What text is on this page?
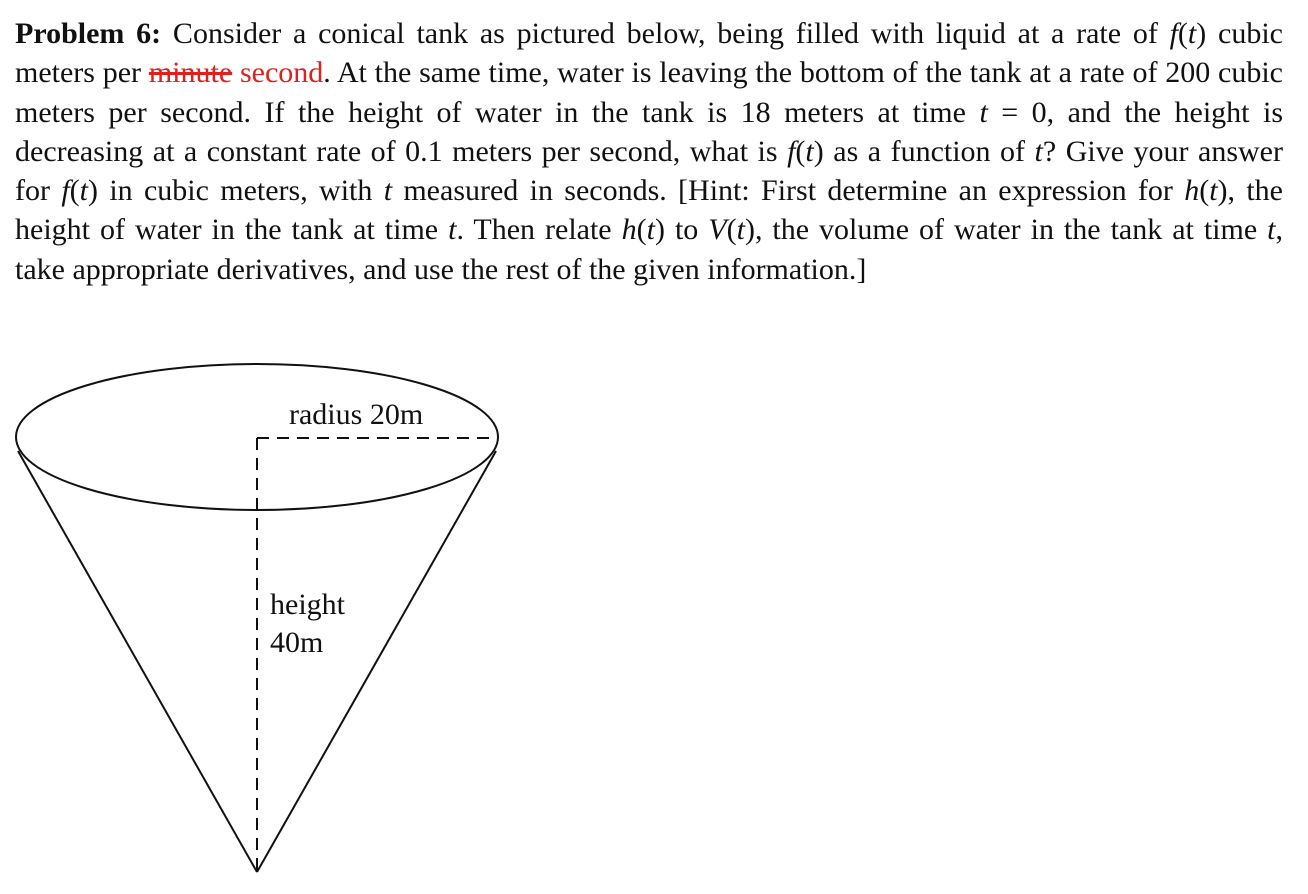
Problem 6: Consider a conical tank as pictured below, being filled with liquid at a rate of f(t) cubic meters per minute second. At the same time, water is leaving the bottom of the tank at a rate of 200 cubic meters per second. If the height of water in the tank is 18 meters at time t = 0, and the height is decreasing at a constant rate of 0.1 meters per second, what is f(t) as a function of t? Give your answer for f(t) in cubic meters, with t measured in seconds. [Hint: First determine an expression for h(t), the height of water in the tank at time t. Then relate h(t) to V(t), the volume of water in the tank at time t, take appropriate derivatives, and use the rest of the given information.]

radius 20m
height
40m
